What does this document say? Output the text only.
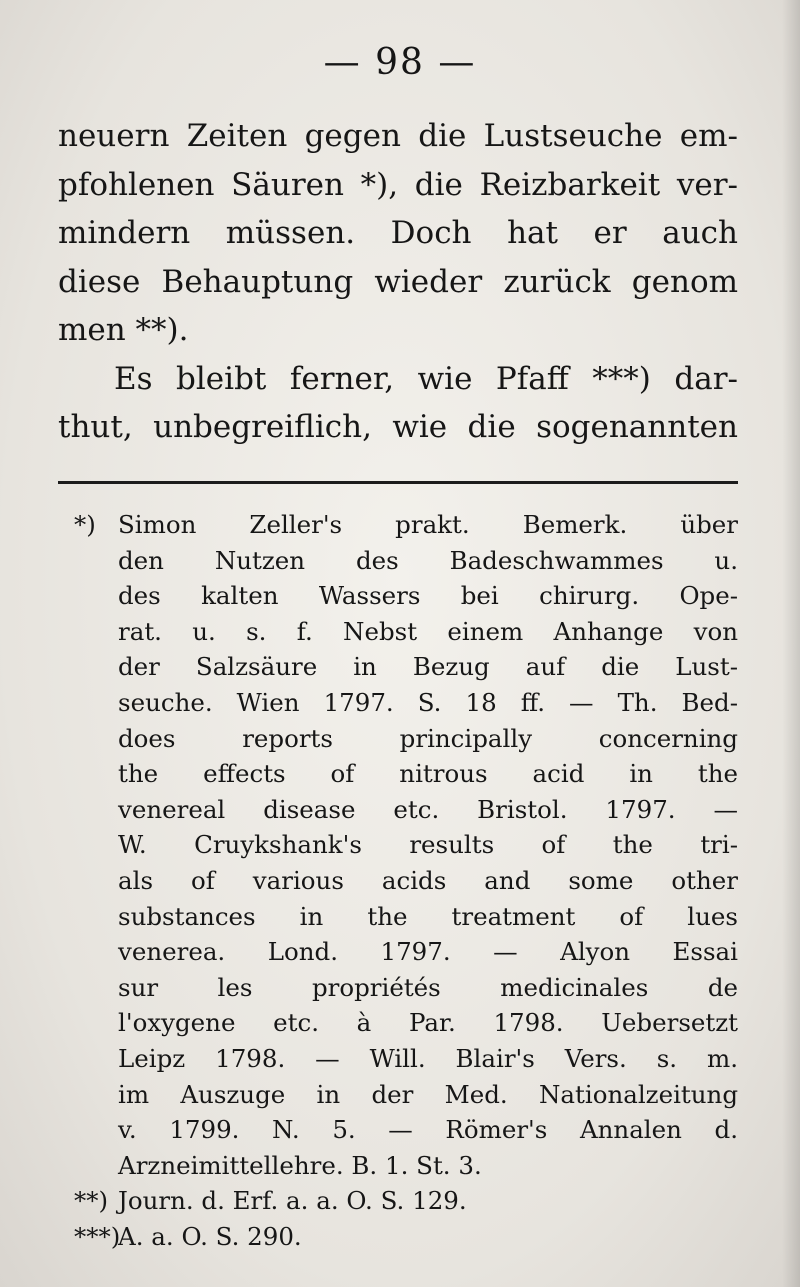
— 98 —
neuern Zeiten gegen die Lustseuche em-
pfohlenen Säuren *), die Reizbarkeit ver-
mindern müssen. Doch hat er auch
diese Behauptung wieder zurück genom
men **).
Es bleibt ferner, wie Pfaff ***) dar-
thut, unbegreiflich, wie die sogenannten
*) Simon Zeller's prakt. Bemerk. über
den Nutzen des Badeschwammes u.
des kalten Wassers bei chirurg. Ope-
rat. u. s. f. Nebst einem Anhange von
der Salzsäure in Bezug auf die Lust-
seuche. Wien 1797. S. 18 ff. — Th. Bed-
does reports principally concerning
the effects of nitrous acid in the
venereal disease etc. Bristol. 1797. —
W. Cruykshank's results of the tri-
als of various acids and some other
substances in the treatment of lues
venerea. Lond. 1797. — Alyon Essai
sur les propriétés medicinales de
l'oxygene etc. à Par. 1798. Uebersetzt
Leipz 1798. — Will. Blair's Vers. s. m.
im Auszuge in der Med. Nationalzeitung
v. 1799. N. 5. — Römer's Annalen d.
Arzneimittellehre. B. 1. St. 3.
**) Journ. d. Erf. a. a. O. S. 129.
***)A. a. O. S. 290.
